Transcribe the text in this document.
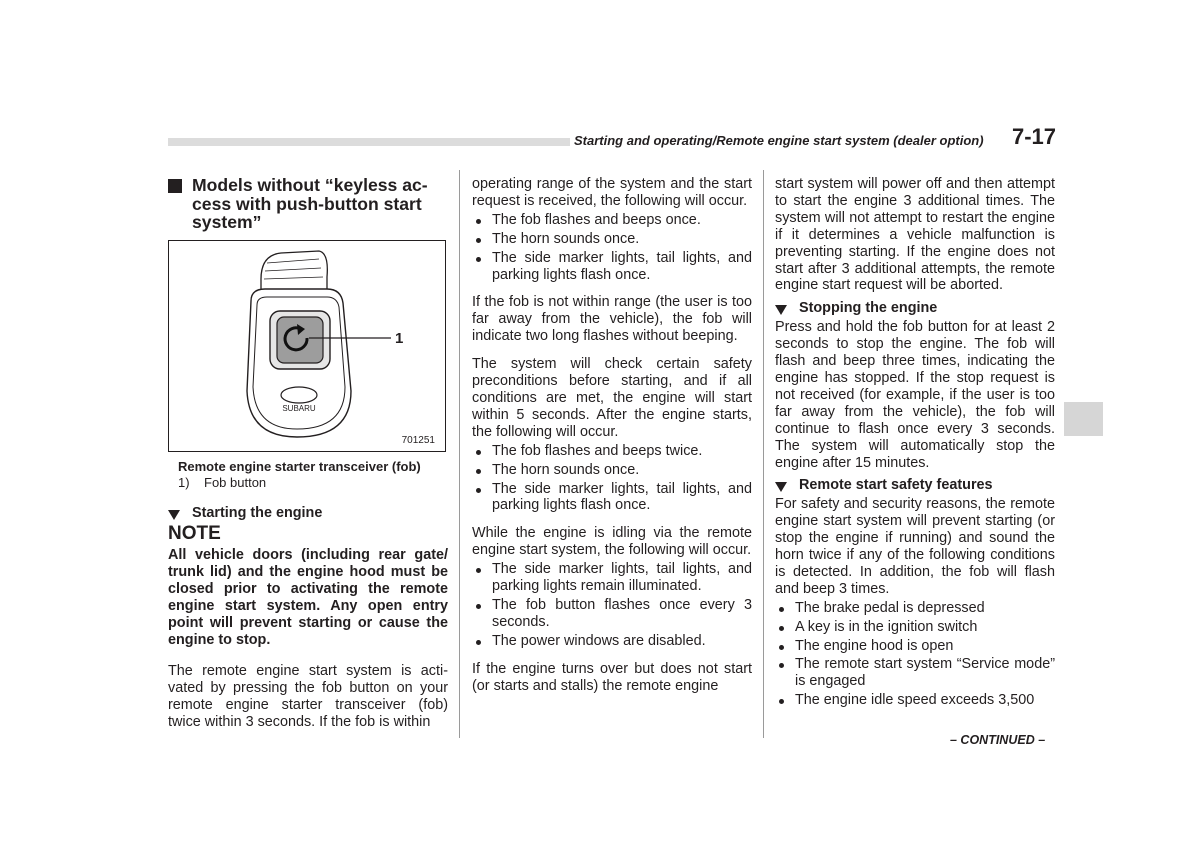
Starting and operating/Remote engine start system (dealer option) 7-17
Models without “keyless ac-
cess with push-button start
system”
SUBARU
1
701251
Remote engine starter transceiver (fob)
1)    Fob button
Starting the engine
NOTE

All vehicle doors (including rear gate/ trunk lid) and the engine hood must be closed prior to activating the remote engine start system. Any open entry point will prevent starting or cause the engine to stop.

The remote engine start system is acti-vated by pressing the fob button on your remote engine starter transceiver (fob) twice within 3 seconds. If the fob is within

operating range of the system and the start request is received, the following will occur.

The fob flashes and beeps once.

The horn sounds once.

The side marker lights, tail lights, and parking lights flash once.

If the fob is not within range (the user is too far away from the vehicle), the fob will indicate two long flashes without beeping.

The system will check certain safety preconditions before starting, and if all conditions are met, the engine will start within 5 seconds. After the engine starts, the following will occur.

The fob flashes and beeps twice.

The horn sounds once.

The side marker lights, tail lights, and parking lights flash once.

While the engine is idling via the remote engine start system, the following will occur.

The side marker lights, tail lights, and parking lights remain illuminated.

The fob button flashes once every 3 seconds.

The power windows are disabled.

If the engine turns over but does not start (or starts and stalls) the remote engine

start system will power off and then attempt to start the engine 3 additional times. The system will not attempt to restart the engine if it determines a vehicle malfunction is preventing starting. If the engine does not start after 3 additional attempts, the remote engine start request will be aborted.

Stopping the engine

Press and hold the fob button for at least 2 seconds to stop the engine. The fob will flash and beep three times, indicating the engine has stopped. If the stop request is not received (for example, if the user is too far away from the vehicle), the fob will continue to flash once every 3 seconds. The system will automatically stop the engine after 15 minutes.

Remote start safety features

For safety and security reasons, the remote engine start system will prevent starting (or stop the engine if running) and sound the horn twice if any of the following conditions is detected. In addition, the fob will flash and beep 3 times.

The brake pedal is depressed

A key is in the ignition switch

The engine hood is open

The remote start system “Service mode” is engaged

The engine idle speed exceeds 3,500

– CONTINUED –
